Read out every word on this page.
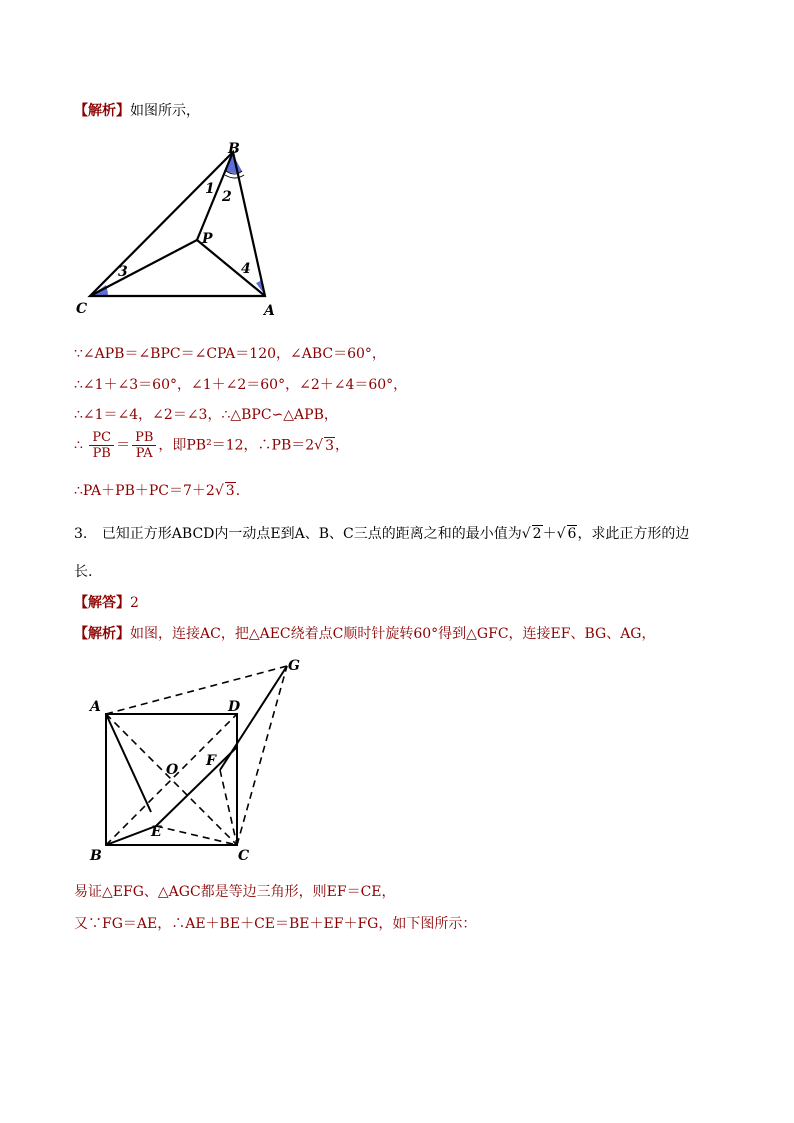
【解析】如图所示，
B
P
C	A
1 2
3	4
∵∠APB＝∠BPC＝∠CPA＝120，∠ABC＝60°，
∴∠1＋∠3＝60°，∠1＋∠2＝60°，∠2＋∠4＝60°，
∴∠1＝∠4，∠2＝∠3，∴△BPC∽△APB，
∴ $\frac{PC}{PB} = \frac{PB}{PA}$ ，即PB²＝12，∴PB＝2√ 3，
∴PA＋PB＋PC＝7＋2√ 3.
3. 已知正方形ABCD内一动点E到A、B、C三点的距离之和的最小值为√ 2＋√ 6，求此正方形的边
长.
【解答】2
【解析】如图，连接AC，把△AEC绕着点C顺时针旋转60°得到△GFC，连接EF、BG、AG，
A	D
G
O
F
E
B	C
易证△EFG、△AGC都是等边三角形，则EF＝CE，
又∵FG＝AE，∴AE＋BE＋CE＝BE＋EF＋FG，如下图所示：
